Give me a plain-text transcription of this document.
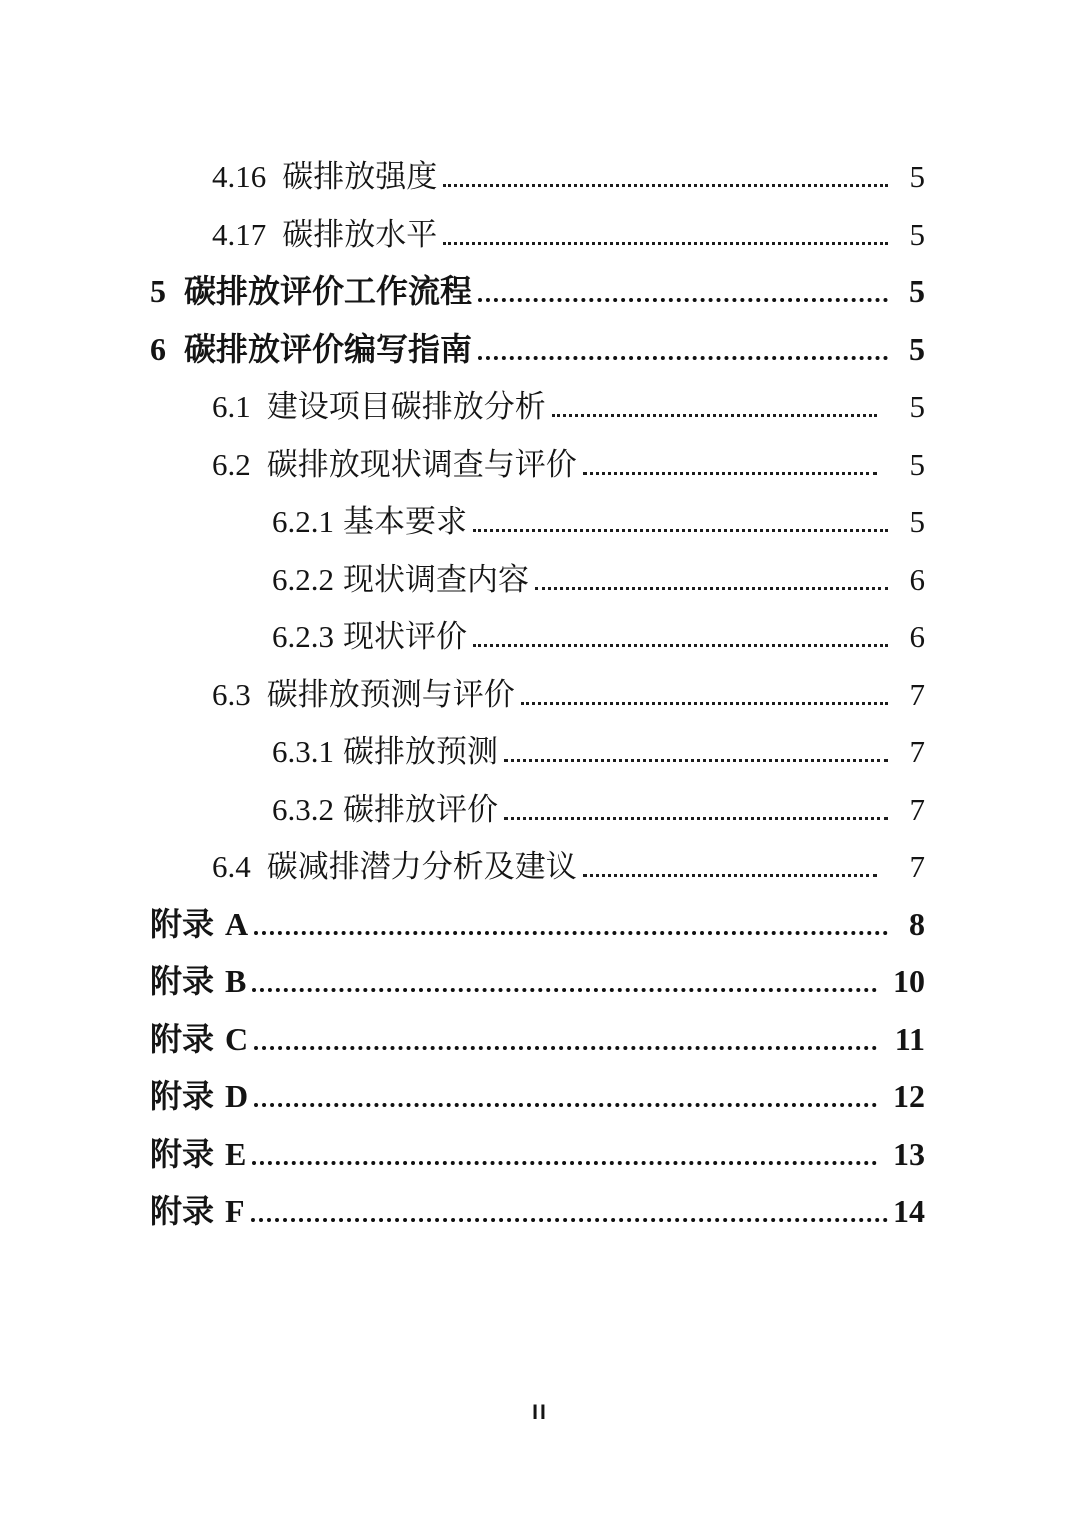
4.16 碳排放强度	5
4.17 碳排放水平	5
5 碳排放评价工作流程	5
6 碳排放评价编写指南	5
6.1 建设项目碳排放分析	5
6.2 碳排放现状调查与评价	5
6.2.1 基本要求	5
6.2.2 现状调查内容	6
6.2.3 现状评价	6
6.3 碳排放预测与评价	7
6.3.1 碳排放预测	7
6.3.2 碳排放评价	7
6.4 碳减排潜力分析及建议	7
附录 A	8
附录 B	10
附录 C	11
附录 D	12
附录 E	13
附录 F	14
II
